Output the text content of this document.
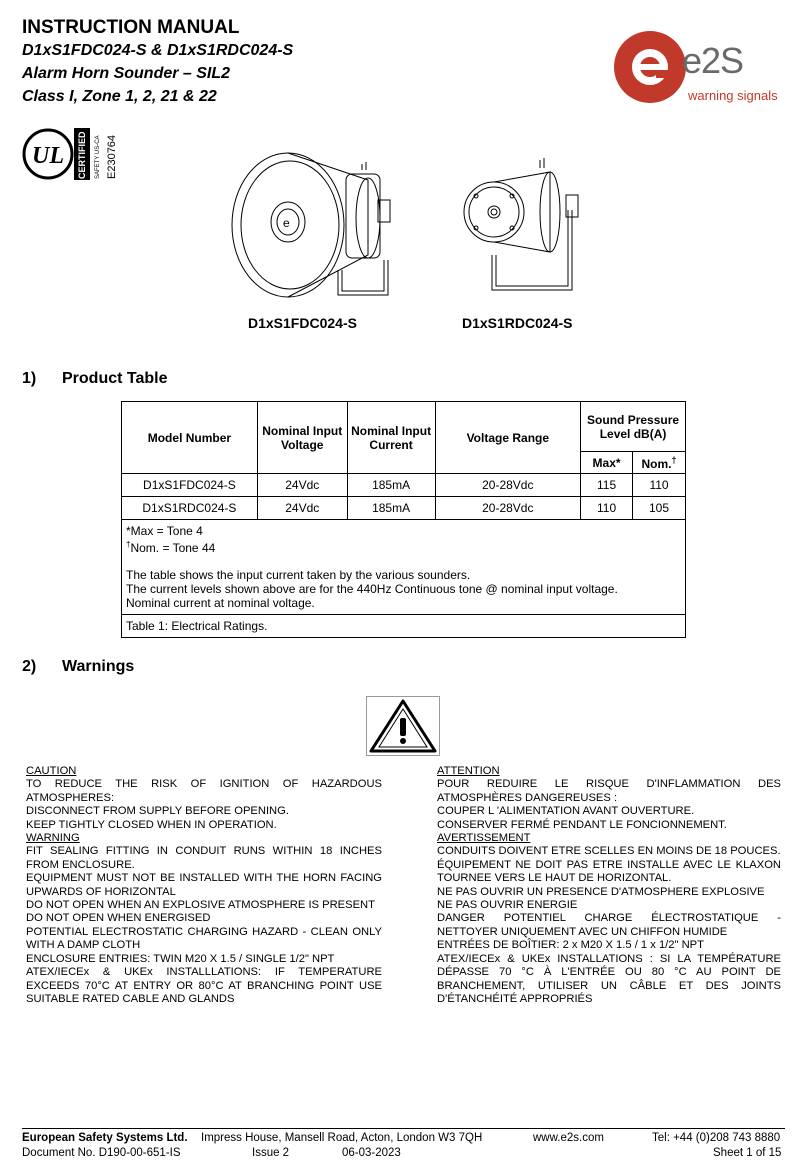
INSTRUCTION MANUAL
D1xS1FDC024-S & D1xS1RDC024-S
Alarm Horn Sounder – SIL2
Class I, Zone 1, 2, 21 & 22
e2S
warning signals
UL CERTIFIED SAFETY US-CA E230764
e
D1xS1FDC024-S	D1xS1RDC024-S
1) Product Table
Model Number	Nominal Input Voltage	Nominal Input Current	Voltage Range	Sound Pressure Level dB(A)	
				Max*	Nom.†
D1xS1FDC024-S	24Vdc	185mA	20-28Vdc	115	110
D1xS1RDC024-S	24Vdc	185mA	20-28Vdc	110	105

*Max = Tone 4
†Nom. = Tone 44
The table shows the input current taken by the various sounders.
The current levels shown above are for the 440Hz Continuous tone @ nominal input voltage.
Nominal current at nominal voltage.					

Table 1: Electrical Ratings.					
2) Warnings
CAUTION
TO REDUCE THE RISK OF IGNITION OF HAZARDOUS ATMOSPHERES:
DISCONNECT FROM SUPPLY BEFORE OPENING.
KEEP TIGHTLY CLOSED WHEN IN OPERATION.
WARNING
FIT SEALING FITTING IN CONDUIT RUNS WITHIN 18 INCHES FROM ENCLOSURE.
EQUIPMENT MUST NOT BE INSTALLED WITH THE HORN FACING UPWARDS OF HORIZONTAL
DO NOT OPEN WHEN AN EXPLOSIVE ATMOSPHERE IS PRESENT
DO NOT OPEN WHEN ENERGISED
POTENTIAL ELECTROSTATIC CHARGING HAZARD - CLEAN ONLY WITH A DAMP CLOTH
ENCLOSURE ENTRIES: TWIN M20 X 1.5 / SINGLE 1/2" NPT
ATEX/IECEx & UKEx INSTALLLATIONS: IF TEMPERATURE EXCEEDS 70°C AT ENTRY OR 80°C AT BRANCHING POINT USE SUITABLE RATED CABLE AND GLANDS
ATTENTION
POUR REDUIRE LE RISQUE D'INFLAMMATION DES ATMOSPHÈRES DANGEREUSES :
COUPER L 'ALIMENTATION AVANT OUVERTURE.
CONSERVER FERMÉ PENDANT LE FONCIONNEMENT.
AVERTISSEMENT
CONDUITS DOIVENT ETRE SCELLES EN MOINS DE 18 POUCES.
ÉQUIPEMENT NE DOIT PAS ETRE INSTALLE AVEC LE KLAXON TOURNEE VERS LE HAUT DE HORIZONTAL.
NE PAS OUVRIR UN PRESENCE D'ATMOSPHERE EXPLOSIVE
NE PAS OUVRIR ENERGIE
DANGER POTENTIEL CHARGE ÉLECTROSTATIQUE - NETTOYER UNIQUEMENT AVEC UN CHIFFON HUMIDE
ENTRÉES DE BOÎTIER: 2 x M20 X 1.5 / 1 x 1/2" NPT
ATEX/IECEx & UKEx INSTALLATIONS : SI LA TEMPÉRATURE DÉPASSE 70 °C À L'ENTRÉE OU 80 °C AU POINT DE BRANCHEMENT, UTILISER UN CÂBLE ET DES JOINTS D'ÉTANCHÉITÉ APPROPRIÉS
European Safety Systems Ltd. Impress House, Mansell Road, Acton, London W3 7QH	www.e2s.com	Tel: +44 (0)208 743 8880
Document No. D190-00-651-IS	Issue 2	06-03-2023	Sheet 1 of 15
